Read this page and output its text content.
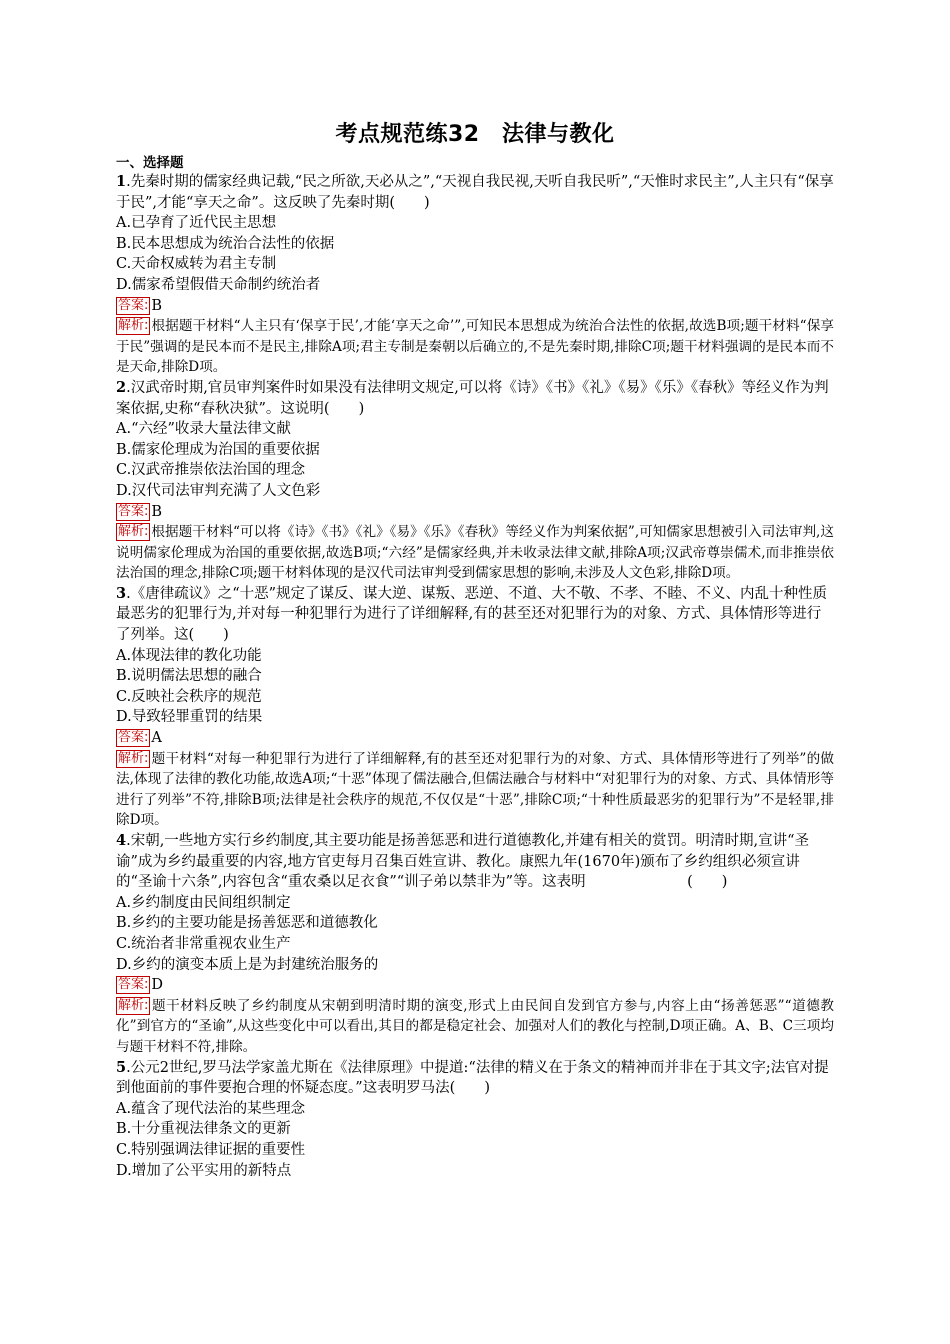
考点规范练32　法律与教化

一、选择题

1.先秦时期的儒家经典记载,“民之所欲,天必从之”,“天视自我民视,天听自我民听”,“天惟时求民主”,人主只有“保享于民”,才能“享天之命”。这反映了先秦时期(　　)

A.已孕育了近代民主思想

B.民本思想成为统治合法性的依据

C.天命权威转为君主专制

D.儒家希望假借天命制约统治者

答案: B

解析: 根据题干材料“人主只有‘保享于民’,才能‘享天之命’”,可知民本思想成为统治合法性的依据,故选B项;题干材料“保享于民”强调的是民本而不是民主,排除A项;君主专制是秦朝以后确立的,不是先秦时期,排除C项;题干材料强调的是民本而不是天命,排除D项。

2.汉武帝时期,官员审判案件时如果没有法律明文规定,可以将《诗》《书》《礼》《易》《乐》《春秋》等经义作为判案依据,史称“春秋决狱”。这说明(　　)

A.“六经”收录大量法律文献

B.儒家伦理成为治国的重要依据

C.汉武帝推崇依法治国的理念

D.汉代司法审判充满了人文色彩

答案: B

解析: 根据题干材料“可以将《诗》《书》《礼》《易》《乐》《春秋》等经义作为判案依据”,可知儒家思想被引入司法审判,这说明儒家伦理成为治国的重要依据,故选B项;“六经”是儒家经典,并未收录法律文献,排除A项;汉武帝尊崇儒术,而非推崇依法治国的理念,排除C项;题干材料体现的是汉代司法审判受到儒家思想的影响,未涉及人文色彩,排除D项。

3.《唐律疏议》之“十恶”规定了谋反、谋大逆、谋叛、恶逆、不道、大不敬、不孝、不睦、不义、内乱十种性质最恶劣的犯罪行为,并对每一种犯罪行为进行了详细解释,有的甚至还对犯罪行为的对象、方式、具体情形等进行了列举。这(　　)

A.体现法律的教化功能

B.说明儒法思想的融合

C.反映社会秩序的规范

D.导致轻罪重罚的结果

答案: A

解析: 题干材料“对每一种犯罪行为进行了详细解释,有的甚至还对犯罪行为的对象、方式、具体情形等进行了列举”的做法,体现了法律的教化功能,故选A项;“十恶”体现了儒法融合,但儒法融合与材料中“对犯罪行为的对象、方式、具体情形等进行了列举”不符,排除B项;法律是社会秩序的规范,不仅仅是“十恶”,排除C项;“十种性质最恶劣的犯罪行为”不是轻罪,排除D项。

4.宋朝,一些地方实行乡约制度,其主要功能是扬善惩恶和进行道德教化,并建有相关的赏罚。明清时期,宣讲“圣谕”成为乡约最重要的内容,地方官吏每月召集百姓宣讲、教化。康熙九年(1670年)颁布了乡约组织必须宣讲的“圣谕十六条”,内容包含“重农桑以足衣食”“训子弟以禁非为”等。这表明　　　　　　　(　　)

A.乡约制度由民间组织制定

B.乡约的主要功能是扬善惩恶和道德教化

C.统治者非常重视农业生产

D.乡约的演变本质上是为封建统治服务的

答案: D

解析: 题干材料反映了乡约制度从宋朝到明清时期的演变,形式上由民间自发到官方参与,内容上由“扬善惩恶”“道德教化”到官方的“圣谕”,从这些变化中可以看出,其目的都是稳定社会、加强对人们的教化与控制,D项正确。A、B、C三项均与题干材料不符,排除。

5.公元2世纪,罗马法学家盖尤斯在《法律原理》中提道:“法律的精义在于条文的精神而并非在于其文字;法官对提到他面前的事件要抱合理的怀疑态度。”这表明罗马法(　　)

A.蕴含了现代法治的某些理念

B.十分重视法律条文的更新

C.特别强调法律证据的重要性

D.增加了公平实用的新特点
